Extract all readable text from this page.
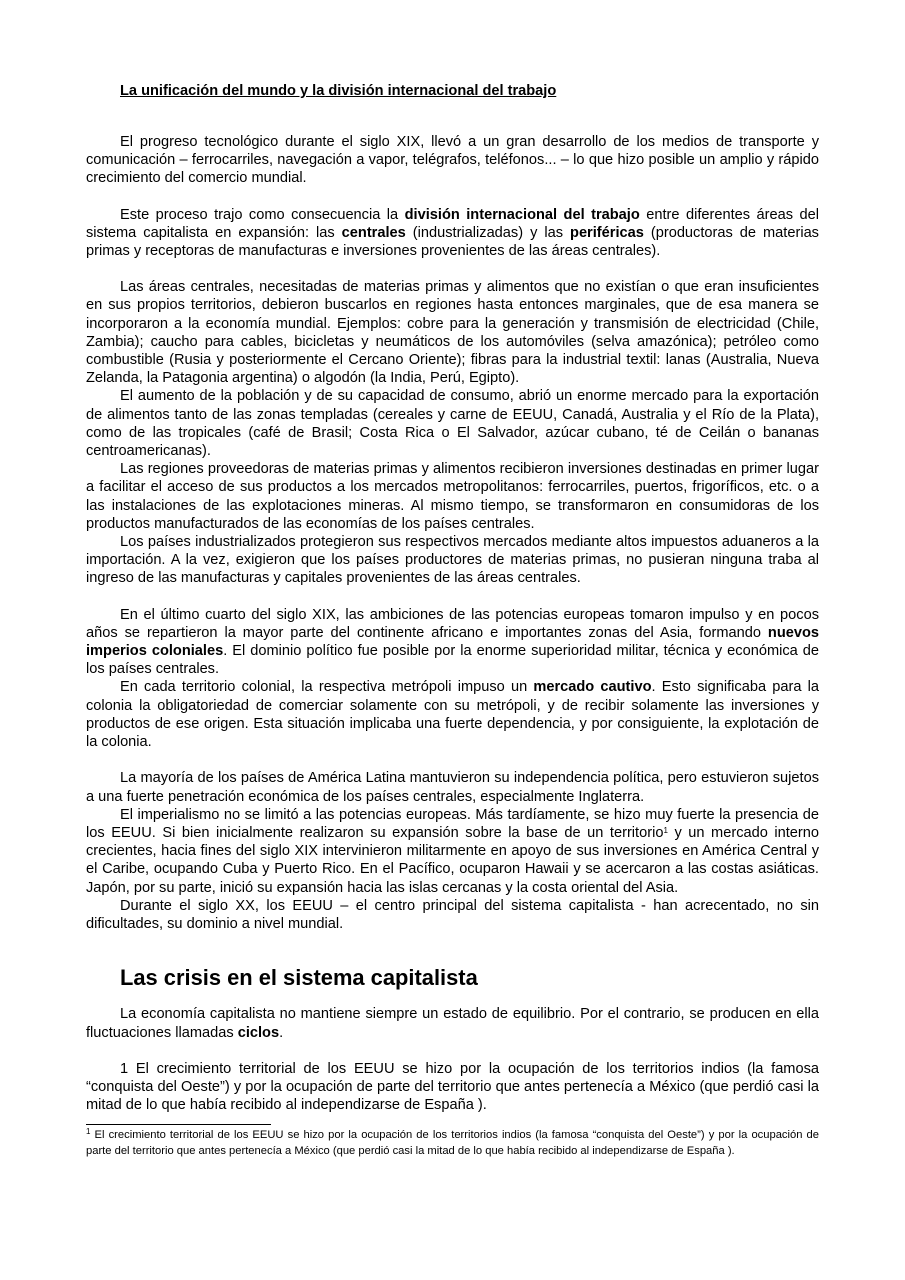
La unificación del mundo y la división internacional del trabajo

El progreso tecnológico durante el siglo XIX, llevó a un gran desarrollo de los medios de transporte y comunicación – ferrocarriles, navegación a vapor, telégrafos, teléfonos... – lo que hizo posible un amplio y rápido crecimiento del comercio mundial.

Este proceso trajo como consecuencia la división internacional del trabajo entre diferentes áreas del sistema capitalista en expansión: las centrales (industrializadas) y las periféricas (productoras de materias primas y receptoras de manufacturas e inversiones provenientes de las áreas centrales).

Las áreas centrales, necesitadas de materias primas y alimentos que no existían o que eran insuficientes en sus propios territorios, debieron buscarlos en regiones hasta entonces marginales, que de esa manera se incorporaron a la economía mundial. Ejemplos: cobre para la generación y transmisión de electricidad (Chile, Zambia); caucho para cables, bicicletas y neumáticos de los automóviles (selva amazónica); petróleo como combustible (Rusia y posteriormente el Cercano Oriente); fibras para la industrial textil: lanas (Australia, Nueva Zelanda, la Patagonia argentina) o algodón (la India, Perú, Egipto).

El aumento de la población y de su capacidad de consumo, abrió un enorme mercado para la exportación de alimentos tanto de las zonas templadas (cereales y carne de EEUU, Canadá, Australia y el Río de la Plata), como de las tropicales (café de Brasil; Costa Rica o El Salvador, azúcar cubano, té de Ceilán o bananas centroamericanas).

Las regiones proveedoras de materias primas y alimentos recibieron inversiones destinadas en primer lugar a facilitar el acceso de sus productos a los mercados metropolitanos: ferrocarriles, puertos, frigoríficos, etc. o a las instalaciones de las explotaciones mineras. Al mismo tiempo, se transformaron en consumidoras de los productos manufacturados de las economías de los países centrales.

Los países industrializados protegieron sus respectivos mercados mediante altos impuestos aduaneros a la importación. A la vez, exigieron que los países productores de materias primas, no pusieran ninguna traba al ingreso de las manufacturas y capitales provenientes de las áreas centrales.

En el último cuarto del siglo XIX, las ambiciones de las potencias europeas tomaron impulso y en pocos años se repartieron la mayor parte del continente africano e importantes zonas del Asia, formando nuevos imperios coloniales. El dominio político fue posible por la enorme superioridad militar, técnica y económica de los países centrales.

En cada territorio colonial, la respectiva metrópoli impuso un mercado cautivo. Esto significaba para la colonia la obligatoriedad de comerciar solamente con su metrópoli, y de recibir solamente las inversiones y productos de ese origen. Esta situación implicaba una fuerte dependencia, y por consiguiente, la explotación de la colonia.

La mayoría de los países de América Latina mantuvieron su independencia política, pero estuvieron sujetos a una fuerte penetración económica de los países centrales, especialmente Inglaterra.

El imperialismo no se limitó a las potencias europeas. Más tardíamente, se hizo muy fuerte la presencia de los EEUU. Si bien inicialmente realizaron su expansión sobre la base de un territorio$^1$ y un mercado interno crecientes, hacia fines del siglo XIX intervinieron militarmente en apoyo de sus inversiones en América Central y el Caribe, ocupando Cuba y Puerto Rico. En el Pacífico, ocuparon Hawaii y se acercaron a las costas asiáticas. Japón, por su parte, inició su expansión hacia las islas cercanas y la costa oriental del Asia.

Durante el siglo XX, los EEUU – el centro principal del sistema capitalista - han acrecentado, no sin dificultades, su dominio a nivel mundial.

Las crisis en el sistema capitalista

La economía capitalista no mantiene siempre un estado de equilibrio. Por el contrario, se producen en ella fluctuaciones llamadas ciclos.

1 El crecimiento territorial de los EEUU se hizo por la ocupación de los territorios indios (la famosa “conquista del Oeste”) y por la ocupación de parte del territorio que antes pertenecía a México (que perdió casi la mitad de lo que había recibido al independizarse de España ).

$^1$ El crecimiento territorial de los EEUU se hizo por la ocupación de los territorios indios (la famosa “conquista del Oeste”) y por la ocupación de parte del territorio que antes pertenecía a México (que perdió casi la mitad de lo que había recibido al independizarse de España ).
